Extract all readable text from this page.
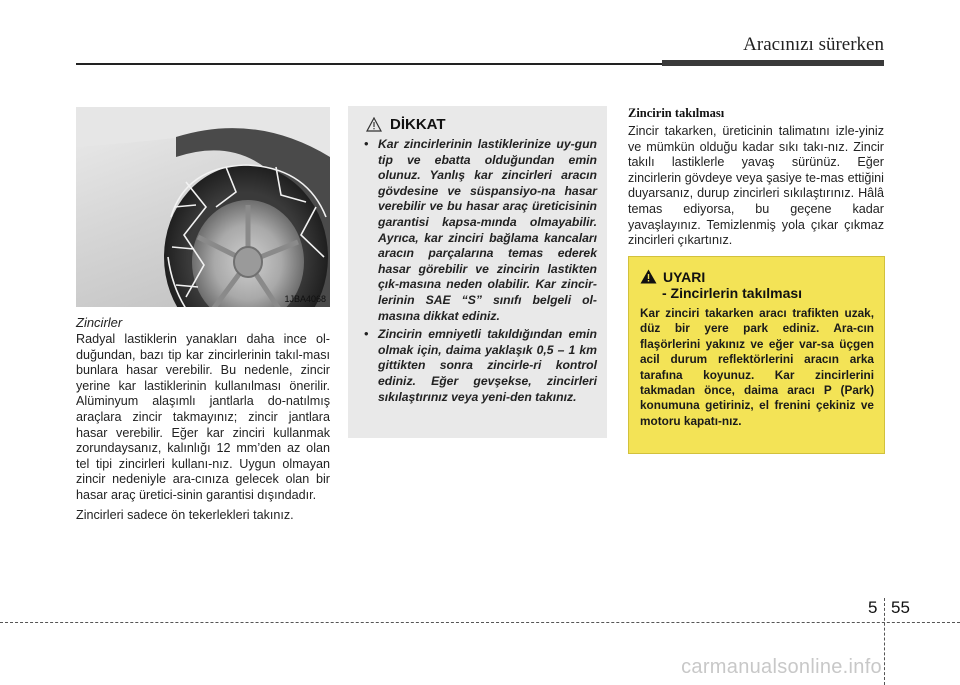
Aracınızı sürerken
1JBA4068
Zincirler

Radyal lastiklerin yanakları daha ince ol-duğundan, bazı tip kar zincirlerinin takıl-ması bunlara hasar verebilir. Bu nedenle, zincir yerine kar lastiklerinin kullanılması önerilir. Alüminyum alaşımlı jantlarla do-natılmış araçlara zincir takmayınız; zincir jantlara hasar verebilir. Eğer kar zinciri kullanmak zorundaysanız, kalınlığı 12 mm’den az olan tel tipi zincirleri kullanı-nız. Uygun olmayan zincir nedeniyle ara-cınıza gelecek olan bir hasar araç üretici-sinin garantisi dışındadır.

Zincirleri sadece ön tekerlekleri takınız.

DİKKAT
• Kar zincirlerinin lastiklerinize uy-gun tip ve ebatta olduğundan emin olunuz. Yanlış kar zincirleri aracın gövdesine ve süspansiyo-na hasar verebilir ve bu hasar araç üreticisinin garantisi kapsa-mında olmayabilir. Ayrıca, kar zinciri bağlama kancaları aracın parçalarına temas ederek hasar görebilir ve zincirin lastikten çık-masına neden olabilir. Kar zincir-lerinin SAE “S” sınıfı belgeli ol-masına dikkat ediniz.
• Zincirin emniyetli takıldığından emin olmak için, daima yaklaşık 0,5 – 1 km gittikten sonra zincirle-ri kontrol ediniz. Eğer gevşekse, zincirleri sıkılaştırınız veya yeni-den takınız.
Zincirin takılması

Zincir takarken, üreticinin talimatını izle-yiniz ve mümkün olduğu kadar sıkı takı-nız. Zincir takılı lastiklerle yavaş sürünüz. Eğer zincirlerin gövdeye veya şasiye te-mas ettiğini duyarsanız, durup zincirleri sıkılaştırınız. Hâlâ temas ediyorsa, bu geçene kadar yavaşlayınız. Temizlenmiş yola çıkar çıkmaz zincirleri çıkartınız.

UYARI
- Zincirlerin takılması
Kar zinciri takarken aracı trafikten uzak, düz bir yere park ediniz. Ara-cın flaşörlerini yakınız ve eğer var-sa üçgen acil durum reflektörlerini aracın arka tarafına koyunuz. Kar zincirlerini takmadan önce, daima aracı P (Park) konumuna getiriniz, el frenini çekiniz ve motoru kapatı-nız.
5 55
carmanualsonline.info
